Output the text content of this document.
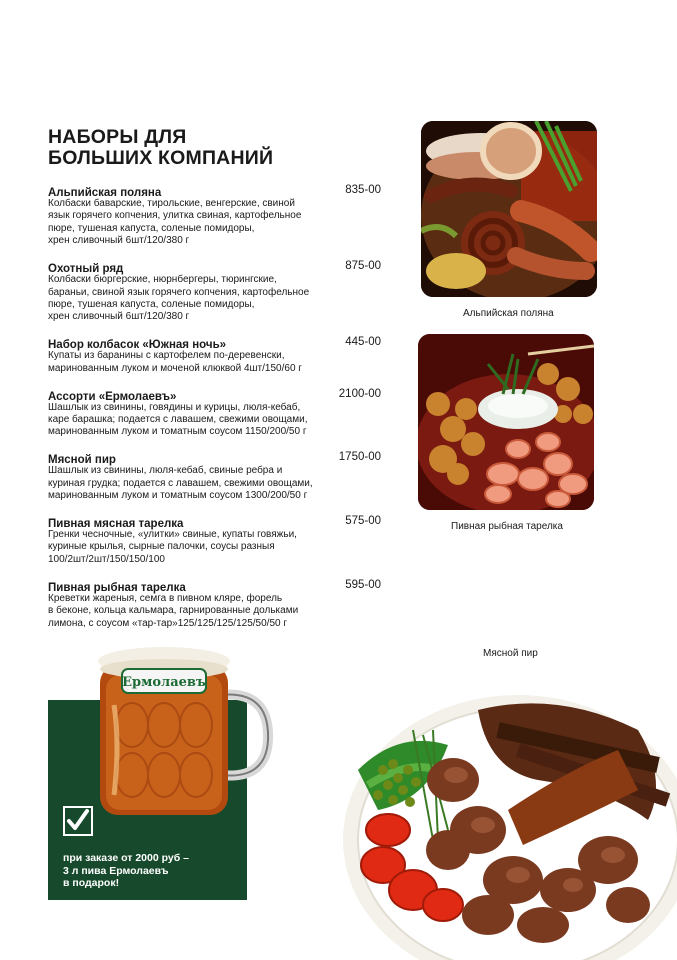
НАБОРЫ ДЛЯ
БОЛЬШИХ КОМПАНИЙ
Альпийская поляна	835-00
Колбаски баварские, тирольские, венгерские, свиной
язык горячего копчения, улитка свиная, картофельное
пюре, тушеная капуста, соленые помидоры,
хрен сливочный 6шт/120/380 г
Охотный ряд	875-00
Колбаски бюргерские, нюрнбергеры, тюрингские,
бараньи, свиной язык горячего копчения, картофельное
пюре, тушеная капуста, соленые помидоры,
хрен сливочный 6шт/120/380 г
Набор колбасок «Южная ночь»	445-00
Купаты из баранины с картофелем по-деревенски,
маринованным луком и моченой клюквой 4шт/150/60 г
Ассорти «Ермолаевъ»	2100-00
Шашлык из свинины, говядины и курицы, люля-кебаб,
каре барашка; подается с лавашем, свежими овощами,
маринованным луком и томатным соусом 1150/200/50 г
Мясной пир	1750-00
Шашлык из свинины, люля-кебаб, свиные ребра и
куриная грудка; подается с лавашем, свежими овощами,
маринованным луком и томатным соусом 1300/200/50 г
Пивная мясная тарелка	575-00
Гренки чесночные, «улитки» свиные, купаты говяжьи,
куриные крылья, сырные палочки, соусы разныя
100/2шт/2шт/150/150/100
Пивная рыбная тарелка	595-00
Креветки жареныя, семга в пивном кляре, форель
в беконе, кольца кальмара, гарнированные дольками
лимона, с соусом «тар-тар»125/125/125/125/50/50 г
Альпийская поляна
Пивная рыбная тарелка
Мясной пир
Ермолаевъ
при заказе от 2000 руб –
3 л пива Ермолаевъ
в подарок!
